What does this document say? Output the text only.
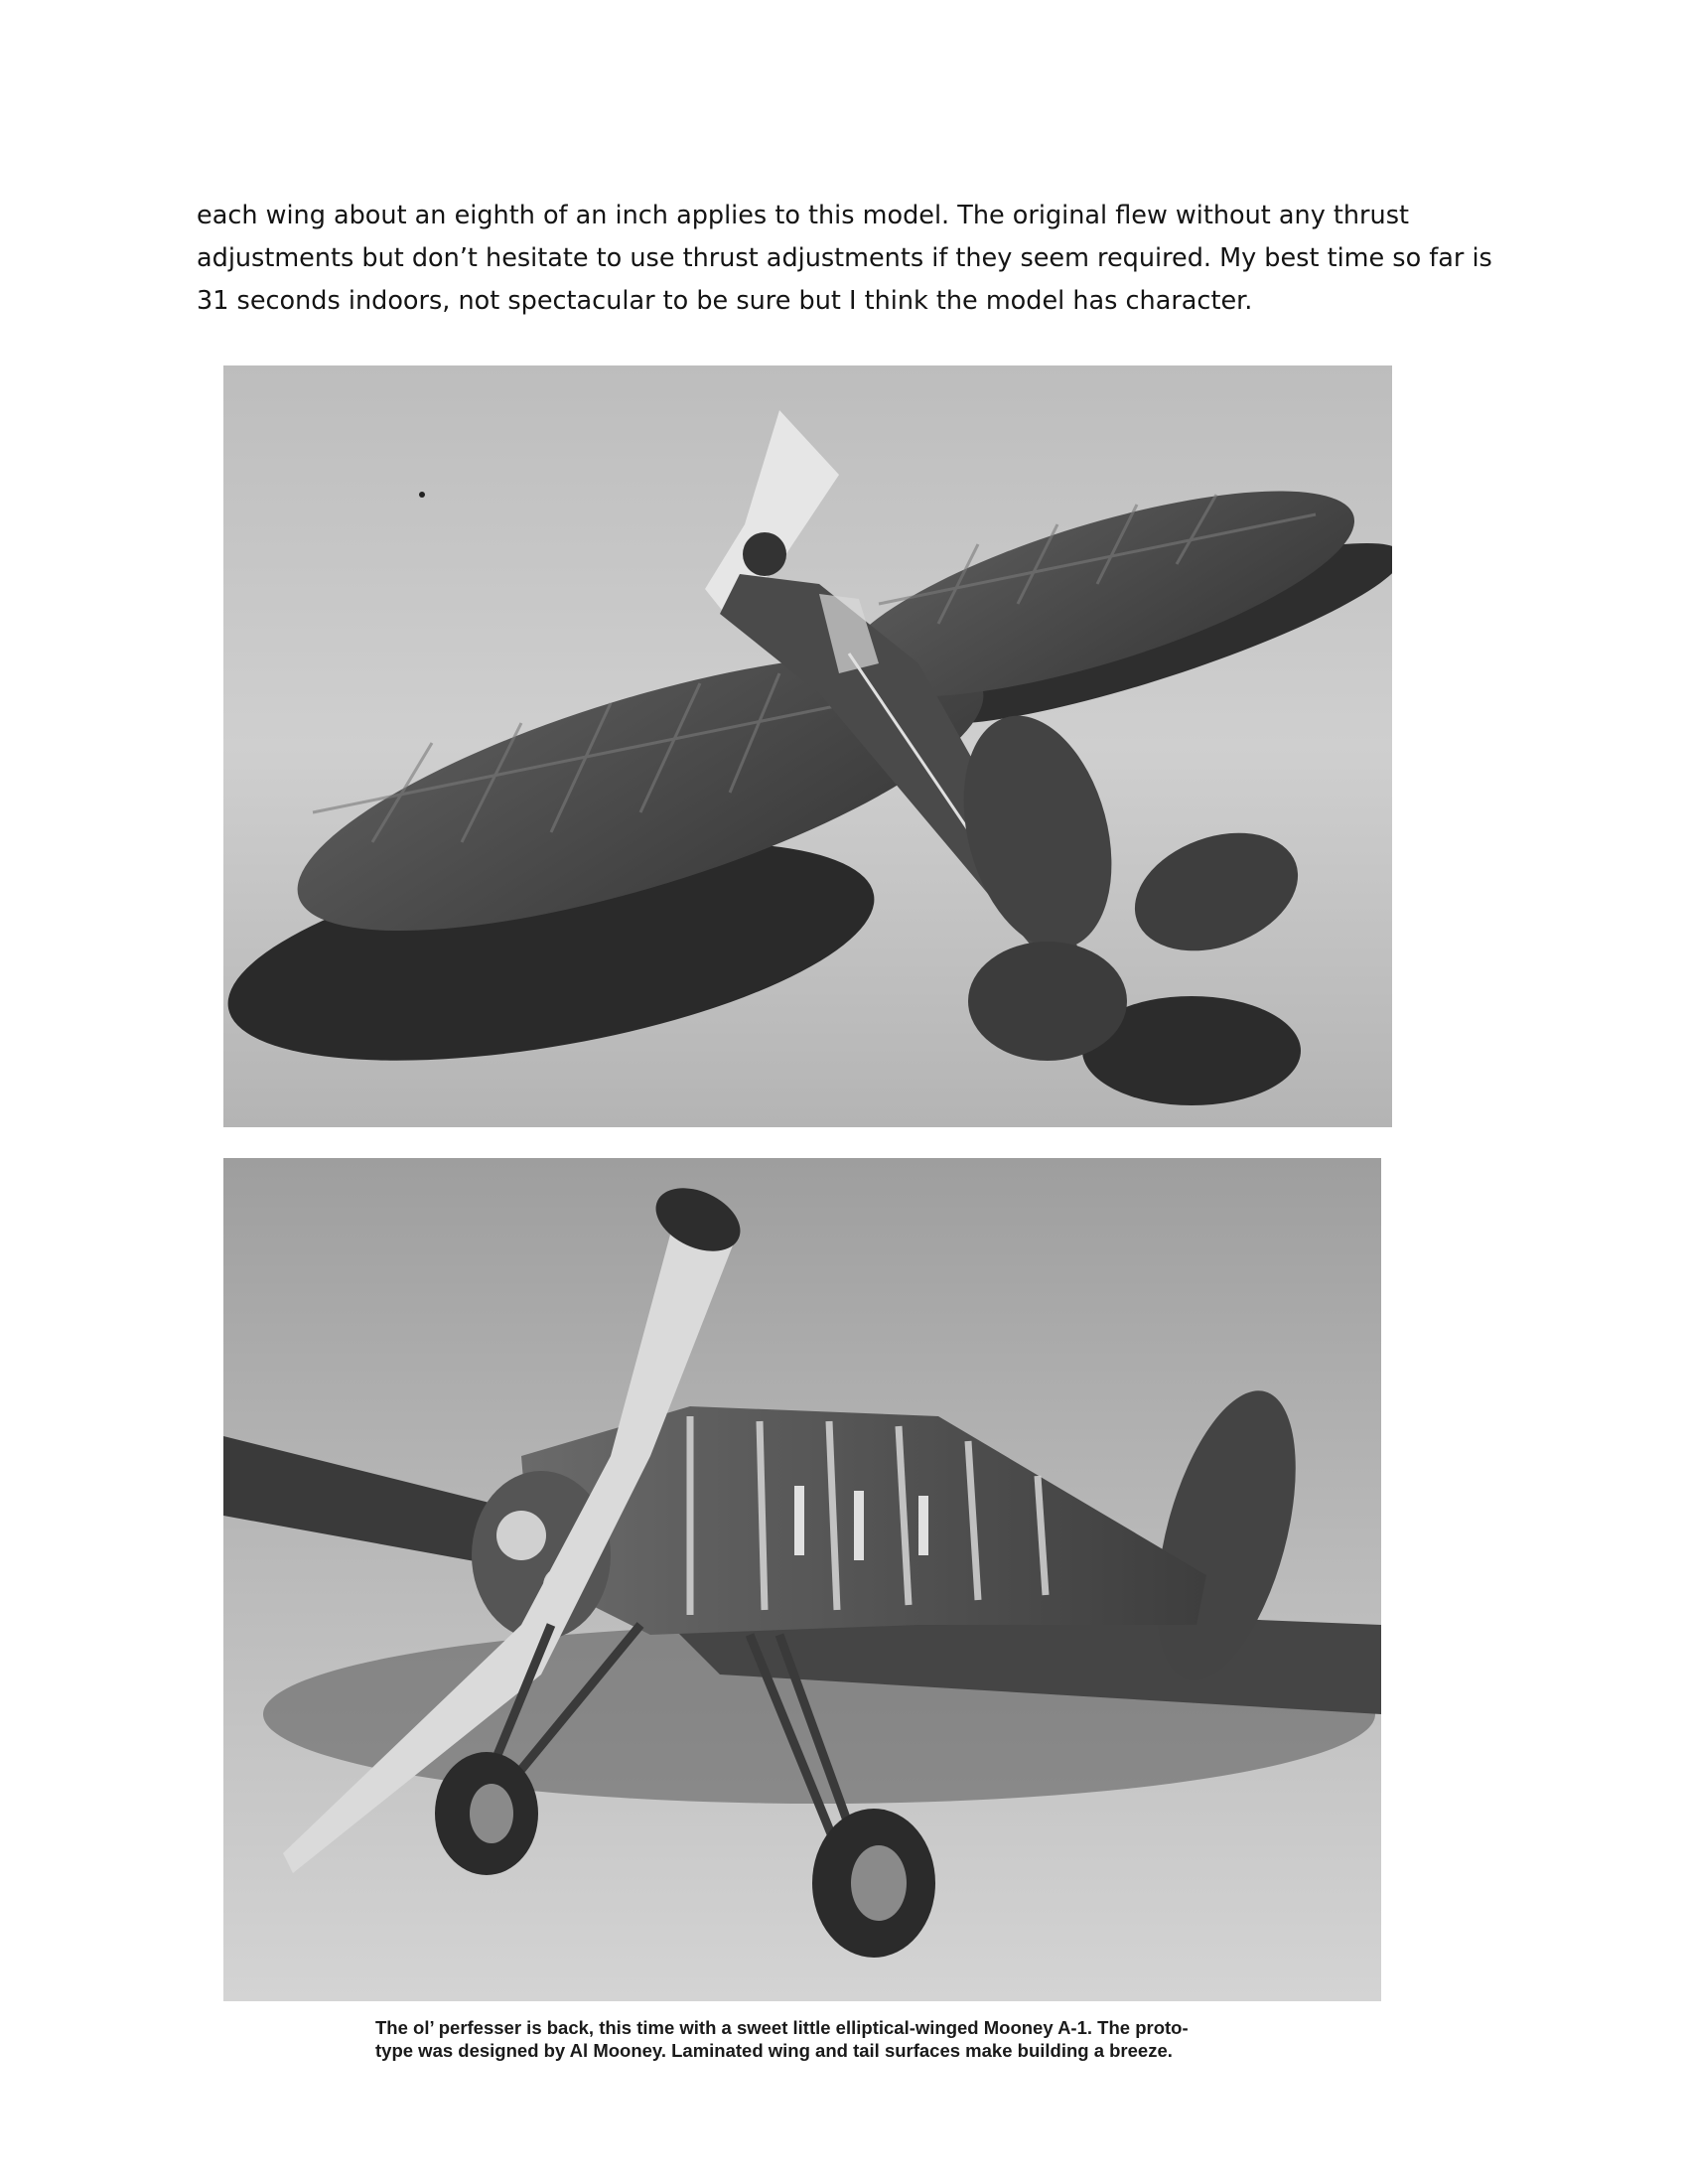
each wing about an eighth of an inch applies to this model. The original flew without any thrust
adjustments but don’t hesitate to use thrust adjustments if they seem required. My best time so far is
31 seconds indoors, not spectacular to be sure but I think the model has character.
The ol’ perfesser is back, this time with a sweet little elliptical-winged Mooney A-1. The proto-
type was designed by Al Mooney. Laminated wing and tail surfaces make building a breeze.
